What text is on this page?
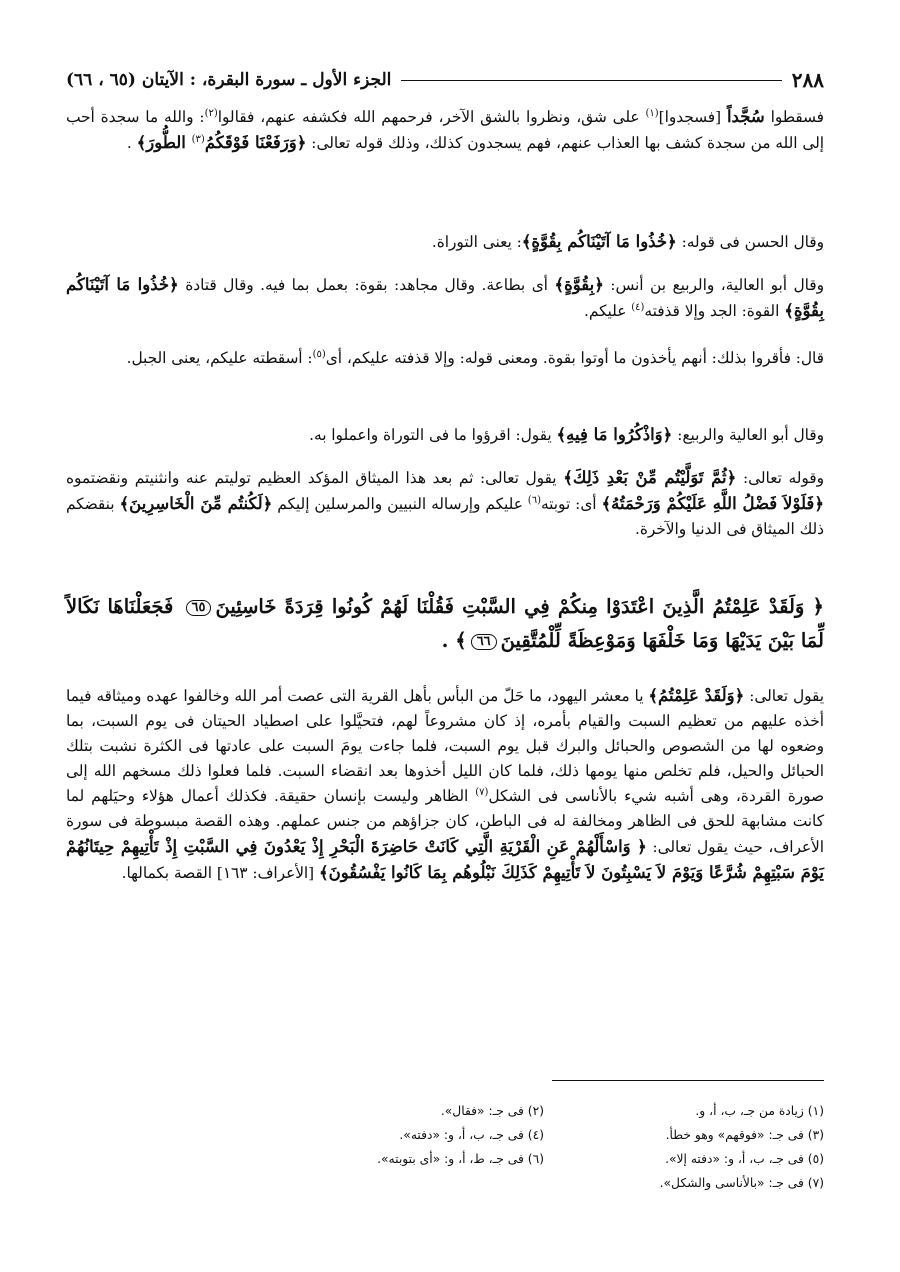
٢٨٨
الجزء الأول ـ سورة البقرة، : الآيتان (٦٥ ، ٦٦)

فسقطوا سُجَّداً [فسجدوا]$^{(١)}$ على شق، ونظروا بالشق الآخر، فرحمهم الله فكشفه عنهم، فقالوا$^{(٢)}$: والله ما سجدة أحب إلى الله من سجدة كشف بها العذاب عنهم، فهم يسجدون كذلك، وذلك قوله تعالى: ﴿وَرَفَعْنَا فَوْقَكُمُ$^{(٣)}$ الطُّورَ﴾ .

وقال الحسن فى قوله: ﴿خُذُوا مَا آتَيْنَاكُم بِقُوَّةٍ﴾: يعنى التوراة.

وقال أبو العالية، والربيع بن أنس: ﴿بِقُوَّةٍ﴾ أى بطاعة. وقال مجاهد: بقوة: بعمل بما فيه. وقال قتادة ﴿خُذُوا مَا آتَيْنَاكُم بِقُوَّةٍ﴾ القوة: الجد وإلا قذفته$^{(٤)}$ عليكم.

قال: فأقروا بذلك: أنهم يأخذون ما أوتوا بقوة. ومعنى قوله: وإلا قذفته عليكم، أى$^{(٥)}$: أسقطته عليكم، يعنى الجبل.

وقال أبو العالية والربيع: ﴿وَاذْكُرُوا مَا فِيهِ﴾ يقول: اقرؤوا ما فى التوراة واعملوا به.

وقوله تعالى: ﴿ثُمَّ تَوَلَّيْتُم مِّنْ بَعْدِ ذَلِكَ﴾ يقول تعالى: ثم بعد هذا الميثاق المؤكد العظيم توليتم عنه وانثنيتم ونقضتموه ﴿فَلَوْلاَ فَضْلُ اللَّهِ عَلَيْكُمْ وَرَحْمَتُهُ﴾ أى: توبته$^{(٦)}$ عليكم وإرساله النبيين والمرسلين إليكم ﴿لَكُنتُم مِّنَ الْخَاسِرِينَ﴾ بنقضكم ذلك الميثاق فى الدنيا والآخرة.

﴿ وَلَقَدْ عَلِمْتُمُ الَّذِينَ اعْتَدَوْا مِنكُمْ فِي السَّبْتِ فَقُلْنَا لَهُمْ كُونُوا قِرَدَةً خَاسِئِينَ٦٥ فَجَعَلْنَاهَا نَكَالاً لِّمَا بَيْنَ يَدَيْهَا وَمَا خَلْفَهَا وَمَوْعِظَةً لِّلْمُتَّقِينَ٦٦﴾ .

يقول تعالى: ﴿وَلَقَدْ عَلِمْتُمُ﴾ يا معشر اليهود، ما حَلّ من البأس بأهل القرية التى عصت أمر الله وخالفوا عهده وميثاقه فيما أخذه عليهم من تعظيم السبت والقيام بأمره، إذ كان مشروعاً لهم، فتحيَّلوا على اصطياد الحيتان فى يوم السبت، بما وضعوه لها من الشصوص والحبائل والبرك قبل يوم السبت، فلما جاءت يومَ السبت على عادتها فى الكثرة نشبت بتلك الحبائل والحيل، فلم تخلص منها يومها ذلك، فلما كان الليل أخذوها بعد انقضاء السبت. فلما فعلوا ذلك مسخهم الله إلى صورة القردة، وهى أشبه شيء بالأناسى فى الشكل$^{(٧)}$ الظاهر وليست بإنسان حقيقة. فكذلك أعمال هؤلاء وحيَلهم لما كانت مشابهة للحق فى الظاهر ومخالفة له فى الباطن، كان جزاؤهم من جنس عملهم. وهذه القصة مبسوطة فى سورة الأعراف، حيث يقول تعالى: ﴿ وَاسْأَلْهُمْ عَنِ الْقَرْيَةِ الَّتِي كَانَتْ حَاضِرَةَ الْبَحْرِ إِذْ يَعْدُونَ فِي السَّبْتِ إِذْ تَأْتِيهِمْ حِيتَانُهُمْ يَوْمَ سَبْتِهِمْ شُرَّعًا وَيَوْمَ لاَ يَسْبِتُونَ لاَ تَأْتِيهِمْ كَذَلِكَ نَبْلُوهُم بِمَا كَانُوا يَفْسُقُونَ﴾ [الأعراف: ١٦٣] القصة بكمالها.

(١) زيادة من جـ، ب، أ، و.
(٢) فى جـ: «فقال».
(٣) فى جـ: «فوقهم» وهو خطأ.
(٤) فى جـ، ب، أ، و: «دفته».
(٥) فى جـ، ب، أ، و: «دفته إلا».
(٦) فى جـ، ط، أ، و: «أى بتوبته».
(٧) فى جـ: «بالأناسى والشكل».
